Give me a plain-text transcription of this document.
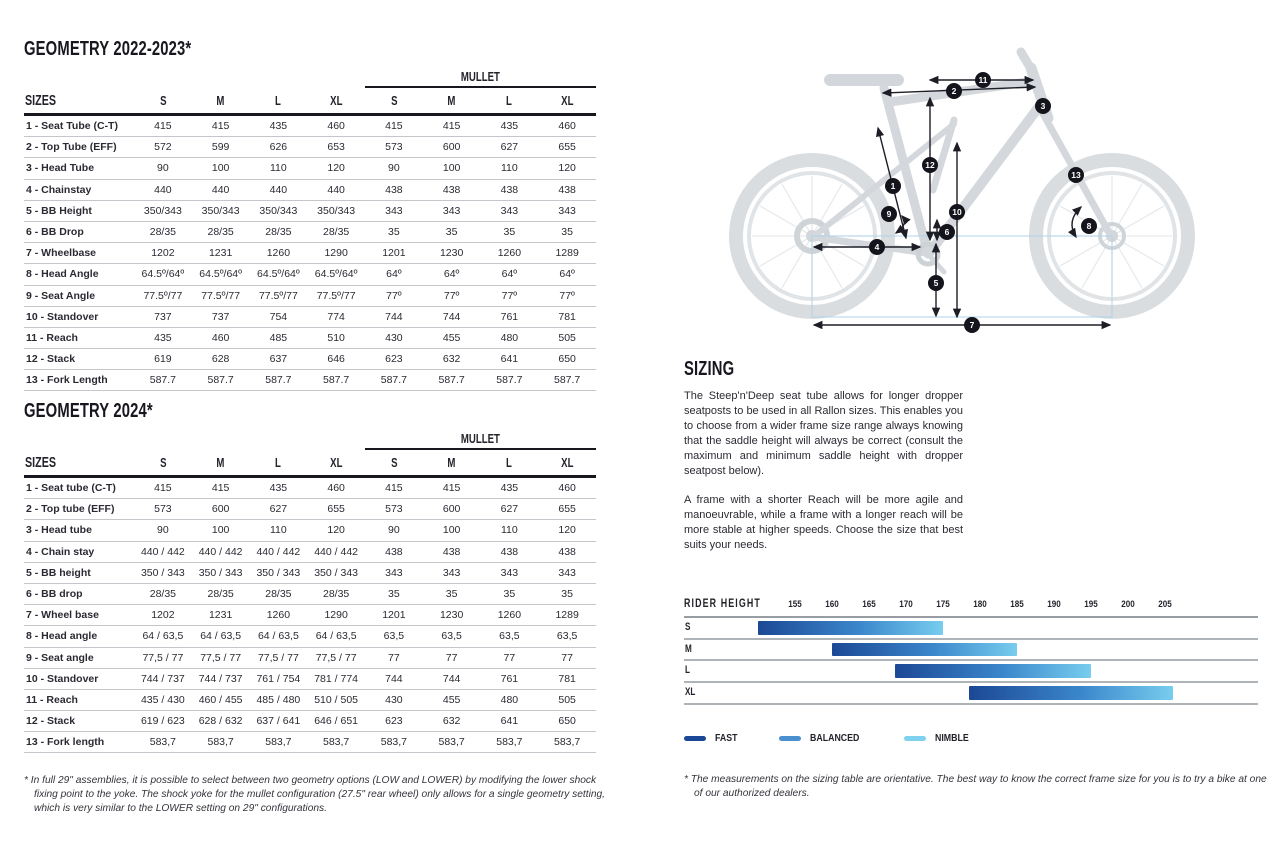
GEOMETRY 2022-2023*
MULLET
SIZES	S	M	L	XL	S	M	L	XL
1 - Seat Tube (C-T)	415	415	435	460	415	415	435	460
2 - Top Tube (EFF)	572	599	626	653	573	600	627	655
3 - Head Tube	90	100	110	120	90	100	110	120
4 - Chainstay	440	440	440	440	438	438	438	438
5 - BB Height	350/343	350/343	350/343	350/343	343	343	343	343
6 - BB Drop	28/35	28/35	28/35	28/35	35	35	35	35
7 - Wheelbase	1202	1231	1260	1290	1201	1230	1260	1289
8 - Head Angle	64.5º/64º	64.5º/64º	64.5º/64º	64.5º/64º	64º	64º	64º	64º
9 - Seat Angle	77.5º/77	77.5º/77	77.5º/77	77.5º/77	77º	77º	77º	77º
10 - Standover	737	737	754	774	744	744	761	781
11 - Reach	435	460	485	510	430	455	480	505
12 - Stack	619	628	637	646	623	632	641	650
13 - Fork Length	587.7	587.7	587.7	587.7	587.7	587.7	587.7	587.7
GEOMETRY 2024*
MULLET
SIZES	S	M	L	XL	S	M	L	XL
1 - Seat tube (C-T)	415	415	435	460	415	415	435	460
2 - Top tube (EFF)	573	600	627	655	573	600	627	655
3 - Head tube	90	100	110	120	90	100	110	120
4 - Chain stay	440 / 442	440 / 442	440 / 442	440 / 442	438	438	438	438
5 - BB height	350 / 343	350 / 343	350 / 343	350 / 343	343	343	343	343
6 - BB drop	28/35	28/35	28/35	28/35	35	35	35	35
7 - Wheel base	1202	1231	1260	1290	1201	1230	1260	1289
8 - Head angle	64 / 63,5	64 / 63,5	64 / 63,5	64 / 63,5	63,5	63,5	63,5	63,5
9 - Seat angle	77,5 / 77	77,5 / 77	77,5 / 77	77,5 / 77	77	77	77	77
10 - Standover	744 / 737	744 / 737	761 / 754	781 / 774	744	744	761	781
11 - Reach	435 / 430	460 / 455	485 / 480	510 / 505	430	455	480	505
12 - Stack	619 / 623	628 / 632	637 / 641	646 / 651	623	632	641	650
13 - Fork length	583,7	583,7	583,7	583,7	583,7	583,7	583,7	583,7

* In full 29" assemblies, it is possible to select between two geometry options (LOW and LOWER) by modifying the lower shock fixing point to the yoke. The shock yoke for the mullet configuration (27.5" rear wheel) only allows for a single geometry setting, which is very similar to the LOWER setting on 29" configurations.

1
2
3
4
5
6
7
8
9	10
11
12
13
SIZING

The Steep'n'Deep seat tube allows for longer dropper seatposts to be used in all Rallon sizes. This enables you to choose from a wider frame size range always knowing that the saddle height will always be correct (consult the maximum and minimum saddle height with dropper seatpost below).

A frame with a shorter Reach will be more agile and manoeuvrable, while a frame with a longer reach will be more stable at higher speeds. Choose the size that best suits your needs.

RIDER HEIGHT	155 160 165 170 175 180 185 190 195 200 205
S
M
L
XL
FAST	BALANCED	NIMBLE

* The measurements on the sizing table are orientative. The best way to know the correct frame size for you is to try a bike at one of our authorized dealers.
